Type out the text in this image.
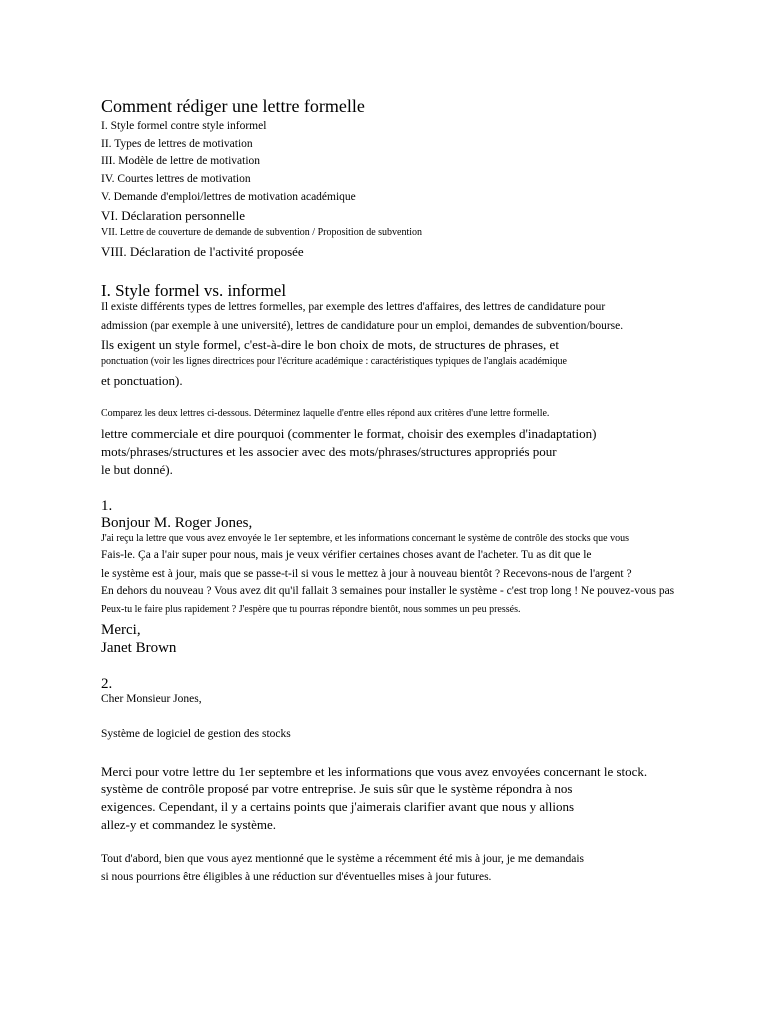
Comment rédiger une lettre formelle
I. Style formel contre style informel
II. Types de lettres de motivation
III. Modèle de lettre de motivation
IV. Courtes lettres de motivation
V. Demande d'emploi/lettres de motivation académique
VI. Déclaration personnelle
VII. Lettre de couverture de demande de subvention / Proposition de subvention
VIII. Déclaration de l'activité proposée
I. Style formel vs. informel
Il existe différents types de lettres formelles, par exemple des lettres d'affaires, des lettres de candidature pour
admission (par exemple à une université), lettres de candidature pour un emploi, demandes de subvention/bourse.
Ils exigent un style formel, c'est-à-dire le bon choix de mots, de structures de phrases, et
ponctuation (voir les lignes directrices pour l'écriture académique : caractéristiques typiques de l'anglais académique
et ponctuation).
Comparez les deux lettres ci-dessous. Déterminez laquelle d'entre elles répond aux critères d'une lettre formelle.
lettre commerciale et dire pourquoi (commenter le format, choisir des exemples d'inadaptation)
mots/phrases/structures et les associer avec des mots/phrases/structures appropriés pour
le but donné).
1.
Bonjour M. Roger Jones,
J'ai reçu la lettre que vous avez envoyée le 1er septembre, et les informations concernant le système de contrôle des stocks que vous
Fais-le. Ça a l'air super pour nous, mais je veux vérifier certaines choses avant de l'acheter. Tu as dit que le
le système est à jour, mais que se passe-t-il si vous le mettez à jour à nouveau bientôt ? Recevons-nous de l'argent ?
En dehors du nouveau ? Vous avez dit qu'il fallait 3 semaines pour installer le système - c'est trop long ! Ne pouvez-vous pas
Peux-tu le faire plus rapidement ? J'espère que tu pourras répondre bientôt, nous sommes un peu pressés.
Merci,
Janet Brown
2.
Cher Monsieur Jones,
Système de logiciel de gestion des stocks
Merci pour votre lettre du 1er septembre et les informations que vous avez envoyées concernant le stock.
système de contrôle proposé par votre entreprise. Je suis sûr que le système répondra à nos
exigences. Cependant, il y a certains points que j'aimerais clarifier avant que nous y allions
allez-y et commandez le système.
Tout d'abord, bien que vous ayez mentionné que le système a récemment été mis à jour, je me demandais
si nous pourrions être éligibles à une réduction sur d'éventuelles mises à jour futures.
